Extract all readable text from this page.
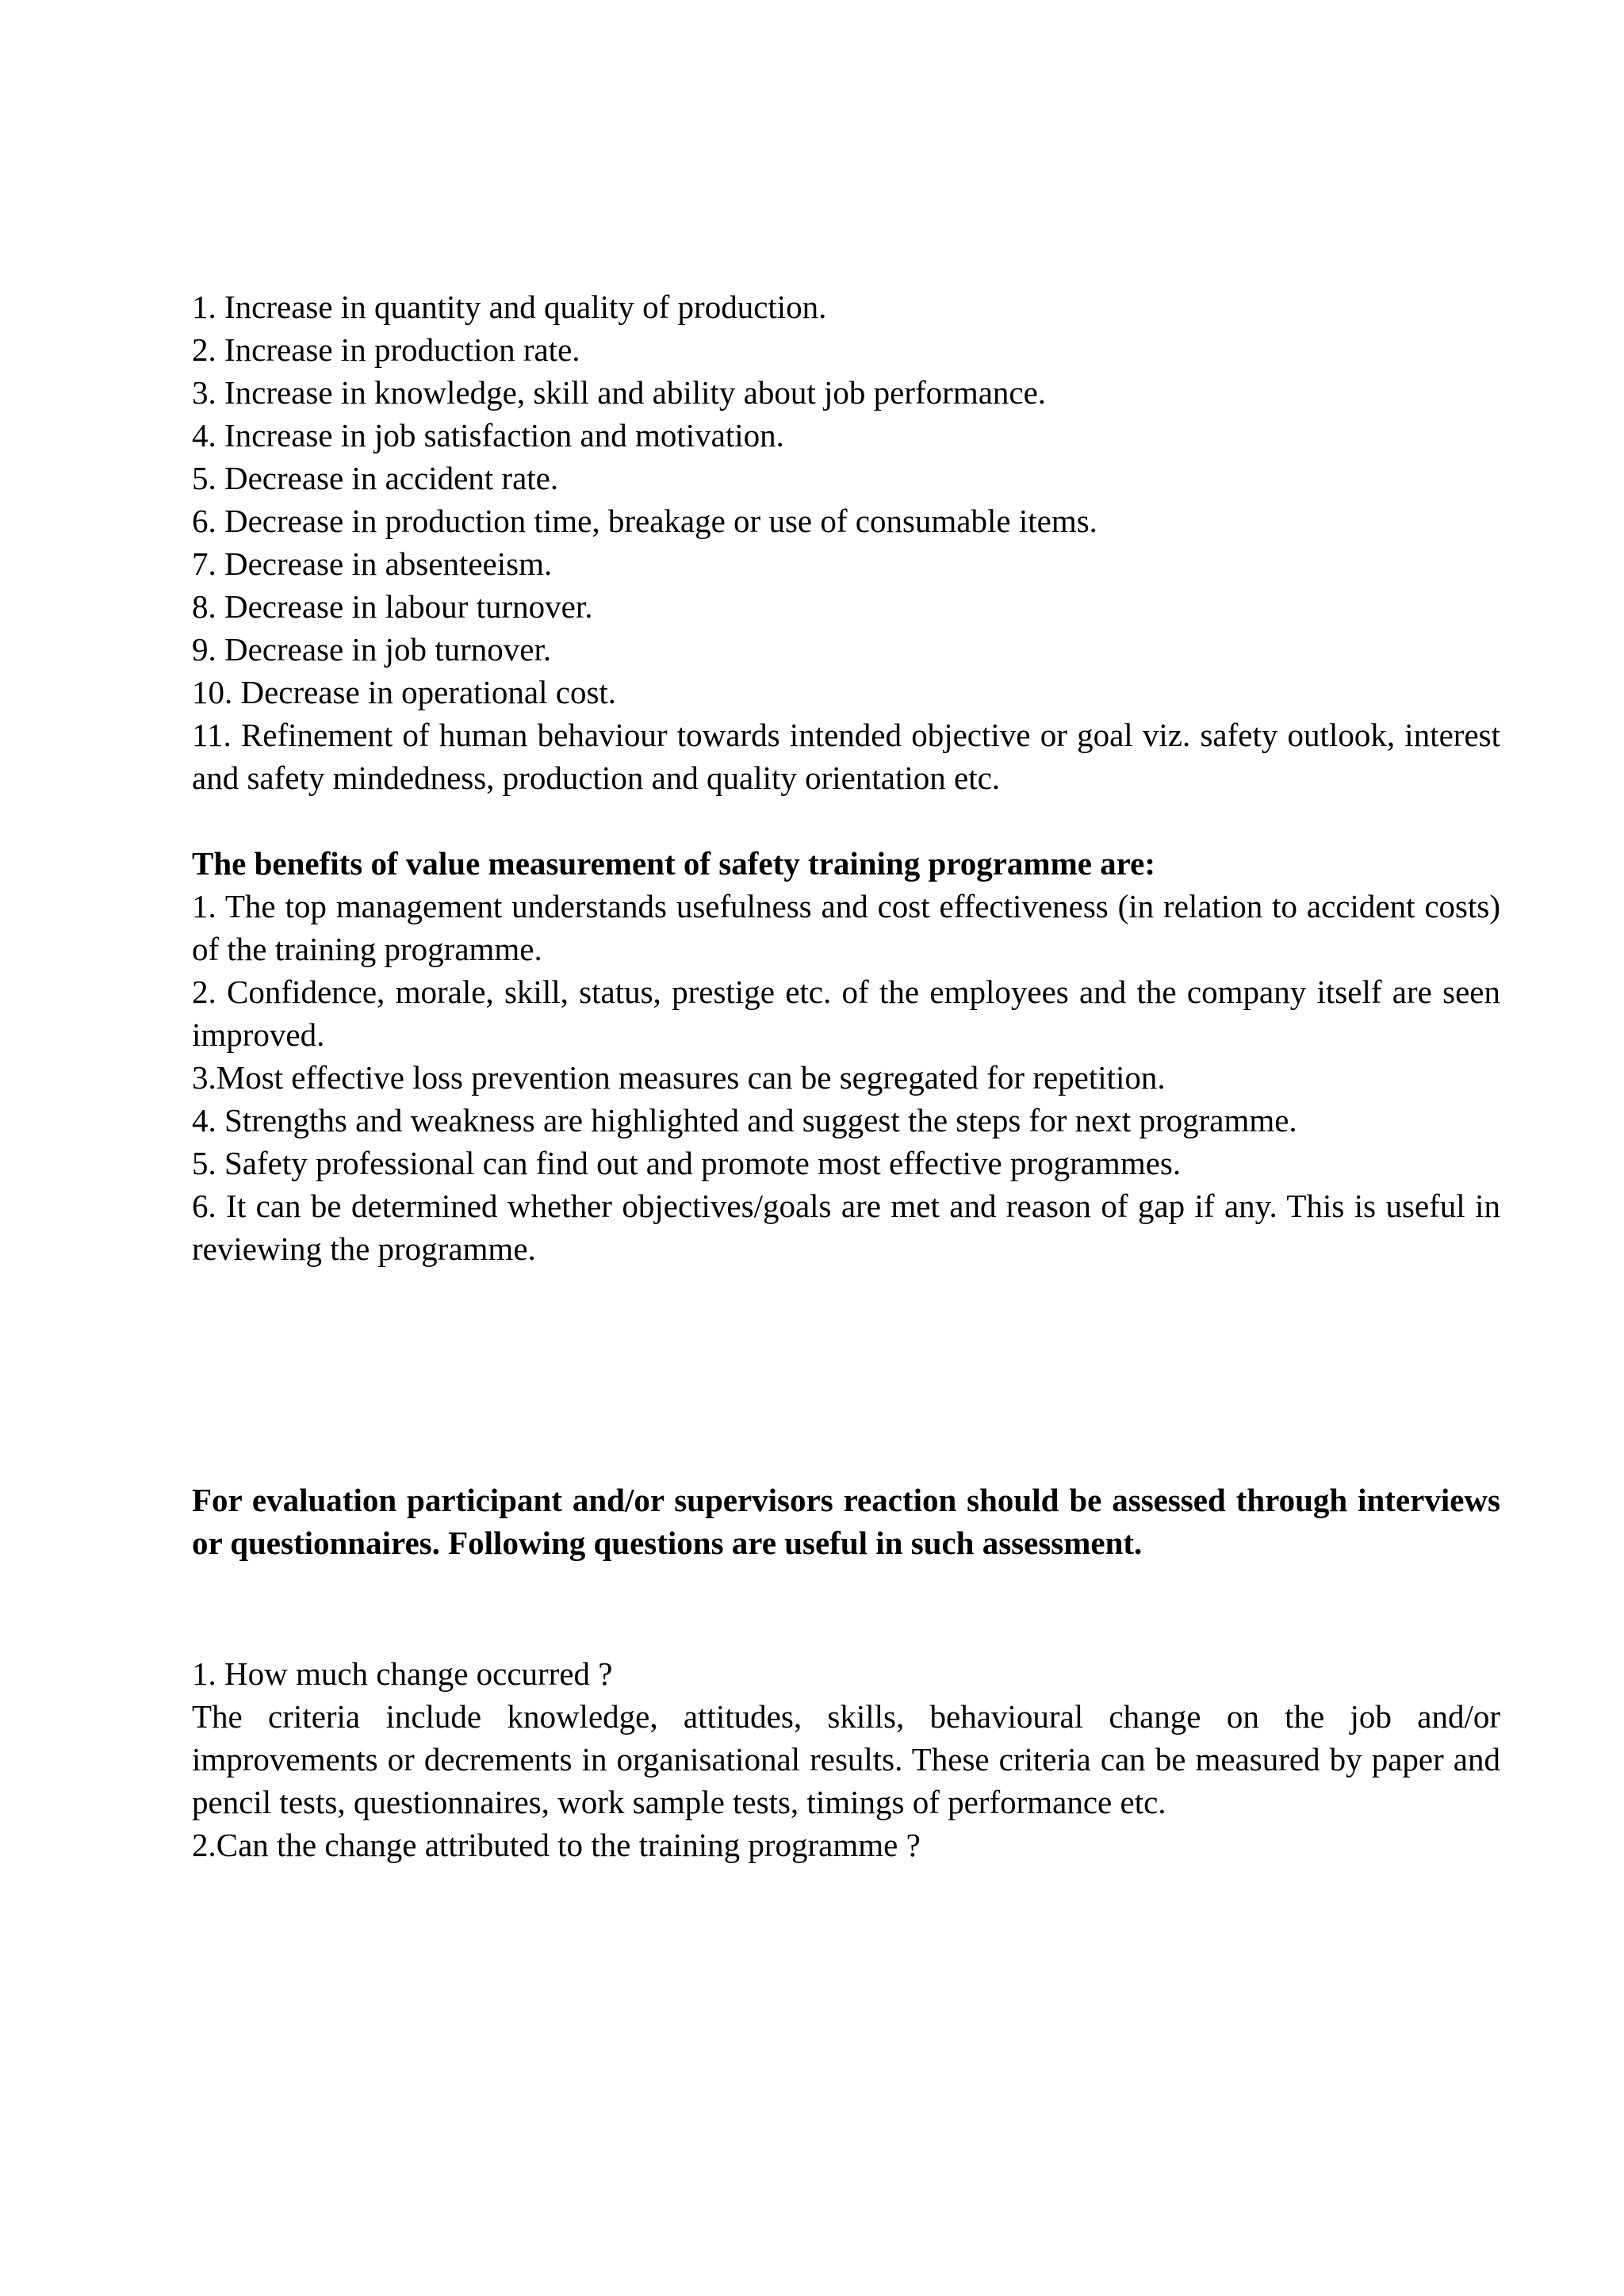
1. Increase in quantity and quality of production.
2. Increase in production rate.
3. Increase in knowledge, skill and ability about job performance.
4. Increase in job satisfaction and motivation.
5. Decrease in accident rate.
6. Decrease in production time, breakage or use of consumable items.
7. Decrease in absenteeism.
8. Decrease in labour turnover.
9. Decrease in job turnover.
10. Decrease in operational cost.
11. Refinement of human behaviour towards intended objective or goal viz. safety outlook, interest and safety mindedness, production and quality orientation etc.
The benefits of value measurement of safety training programme are:
1. The top management understands usefulness and cost effectiveness (in relation to accident costs) of the training programme.
2. Confidence, morale, skill, status, prestige etc. of the employees and the company itself are seen improved.
3.Most effective loss prevention measures can be segregated for repetition.
4. Strengths and weakness are highlighted and suggest the steps for next programme.
5. Safety professional can find out and promote most effective programmes.
6. It can be determined whether objectives/goals are met and reason of gap if any. This is useful in reviewing the programme.
For evaluation participant and/or supervisors reaction should be assessed through interviews or questionnaires. Following questions are useful in such assessment.
1. How much change occurred ?
The criteria include knowledge, attitudes, skills, behavioural change on the job and/or improvements or decrements in organisational results. These criteria can be measured by paper and pencil tests, questionnaires, work sample tests, timings of performance etc.
2.Can the change attributed to the training programme ?
